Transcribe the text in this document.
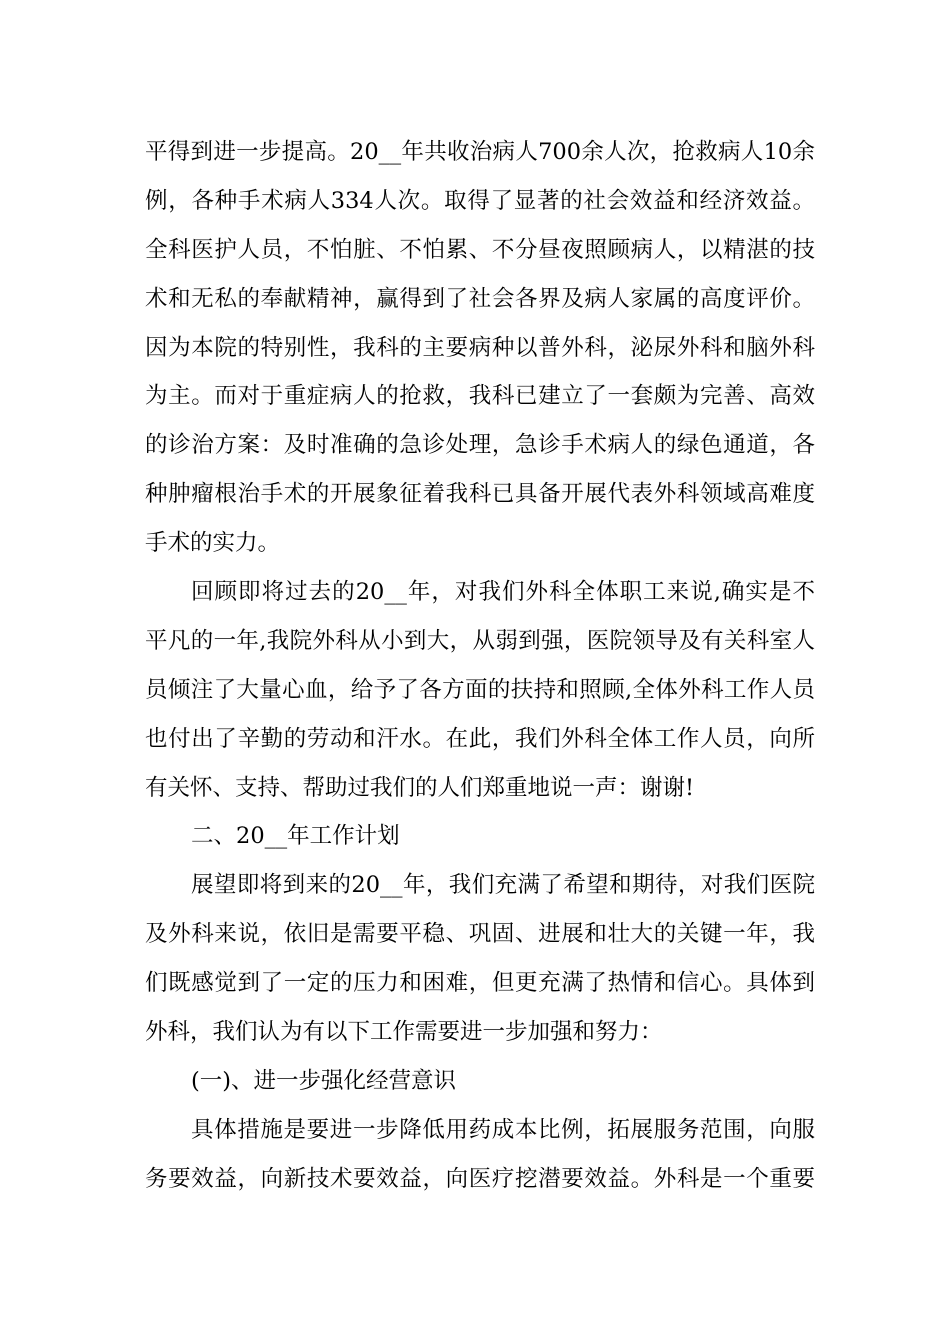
平得到进一步提高。20__年共收治病人700余人次，抢救病人10余
例，各种手术病人334人次。取得了显著的社会效益和经济效益。
全科医护人员，不怕脏、不怕累、不分昼夜照顾病人，以精湛的技
术和无私的奉献精神，赢得到了社会各界及病人家属的高度评价。
因为本院的特别性，我科的主要病种以普外科，泌尿外科和脑外科
为主。而对于重症病人的抢救，我科已建立了一套颇为完善、高效
的诊治方案：及时准确的急诊处理，急诊手术病人的绿色通道，各
种肿瘤根治手术的开展象征着我科已具备开展代表外科领域高难度
手术的实力。
回顾即将过去的20__年，对我们外科全体职工来说,确实是不
平凡的一年,我院外科从小到大，从弱到强，医院领导及有关科室人
员倾注了大量心血，给予了各方面的扶持和照顾,全体外科工作人员
也付出了辛勤的劳动和汗水。在此，我们外科全体工作人员，向所
有关怀、支持、帮助过我们的人们郑重地说一声：谢谢!
二、20__年工作计划
展望即将到来的20__年，我们充满了希望和期待，对我们医院
及外科来说，依旧是需要平稳、巩固、进展和壮大的关键一年，我
们既感觉到了一定的压力和困难，但更充满了热情和信心。具体到
外科，我们认为有以下工作需要进一步加强和努力：
(一)、进一步强化经营意识
具体措施是要进一步降低用药成本比例，拓展服务范围，向服
务要效益，向新技术要效益，向医疗挖潜要效益。外科是一个重要
